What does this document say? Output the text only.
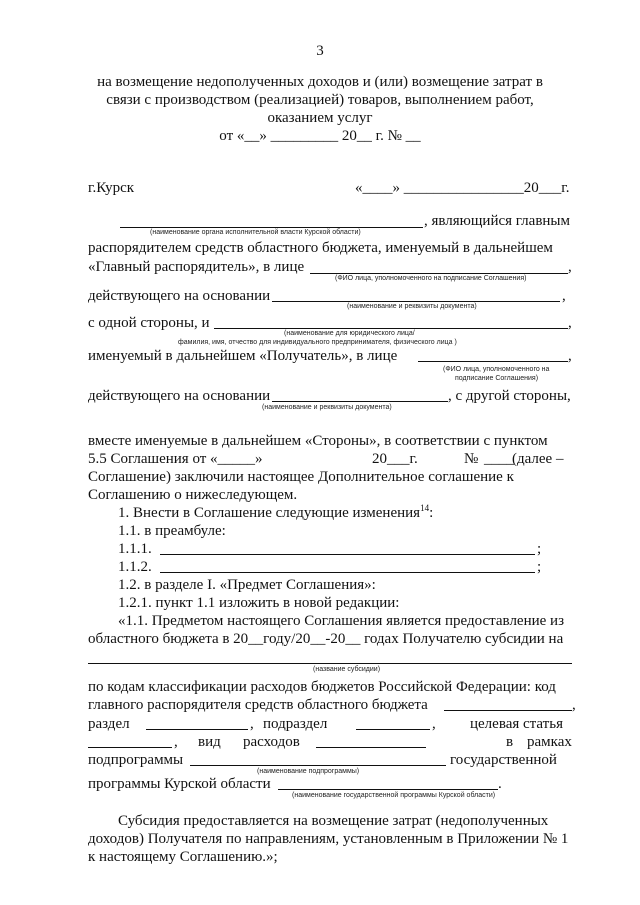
3
на возмещение недополученных доходов и (или) возмещение затрат в
связи с производством (реализацией) товаров, выполнением работ,
оказанием услуг
от «__» _________ 20__ г. № __
г.Курск	«____» ________________20___г.
, являющийся главным
(наименование органа исполнительной власти Курской области)
распорядителем средств областного бюджета, именуемый в дальнейшем
«Главный распорядитель», в лице	,
(ФИО лица, уполномоченного на подписание Соглашения)
действующего на основании	,
(наименование и реквизиты документа)
с одной стороны, и	,
(наименование для юридического лица/
фамилия, имя, отчество для индивидуального предпринимателя, физического лица )
именуемый в дальнейшем «Получатель», в лице	,
(ФИО лица, уполномоченного на
подписание Соглашения)
действующего на основании	, с другой стороны,
(наименование и реквизиты документа)
вместе именуемые в дальнейшем «Стороны», в соответствии с пунктом
5.5 Соглашения от «_____»	20___г.	№ ____
(далее –
Соглашение) заключили настоящее Дополнительное соглашение к
Соглашению о нижеследующем.
1. Внести в Соглашение следующие изменения$^{14}$:
1.1. в преамбуле:
1.1.1.	;
1.1.2.	;
1.2. в разделе I. «Предмет Соглашения»:
1.2.1. пункт 1.1 изложить в новой редакции:
«1.1. Предметом настоящего Соглашения является предоставление из
областного бюджета в 20__году/20__-20__ годах Получателю субсидии на
(название субсидии)
по кодам классификации расходов бюджетов Российской Федерации: код
главного распорядителя средств областного бюджета	,
раздел	, подраздел	, целевая статья
, вид расходов	в рамках
подпрограммы	государственной
(наименование подпрограммы)
программы Курской области	.
(наименование государственной программы Курской области)
Субсидия предоставляется на возмещение затрат (недополученных
доходов) Получателя по направлениям, установленным в Приложении № 1
к настоящему Соглашению.»;
